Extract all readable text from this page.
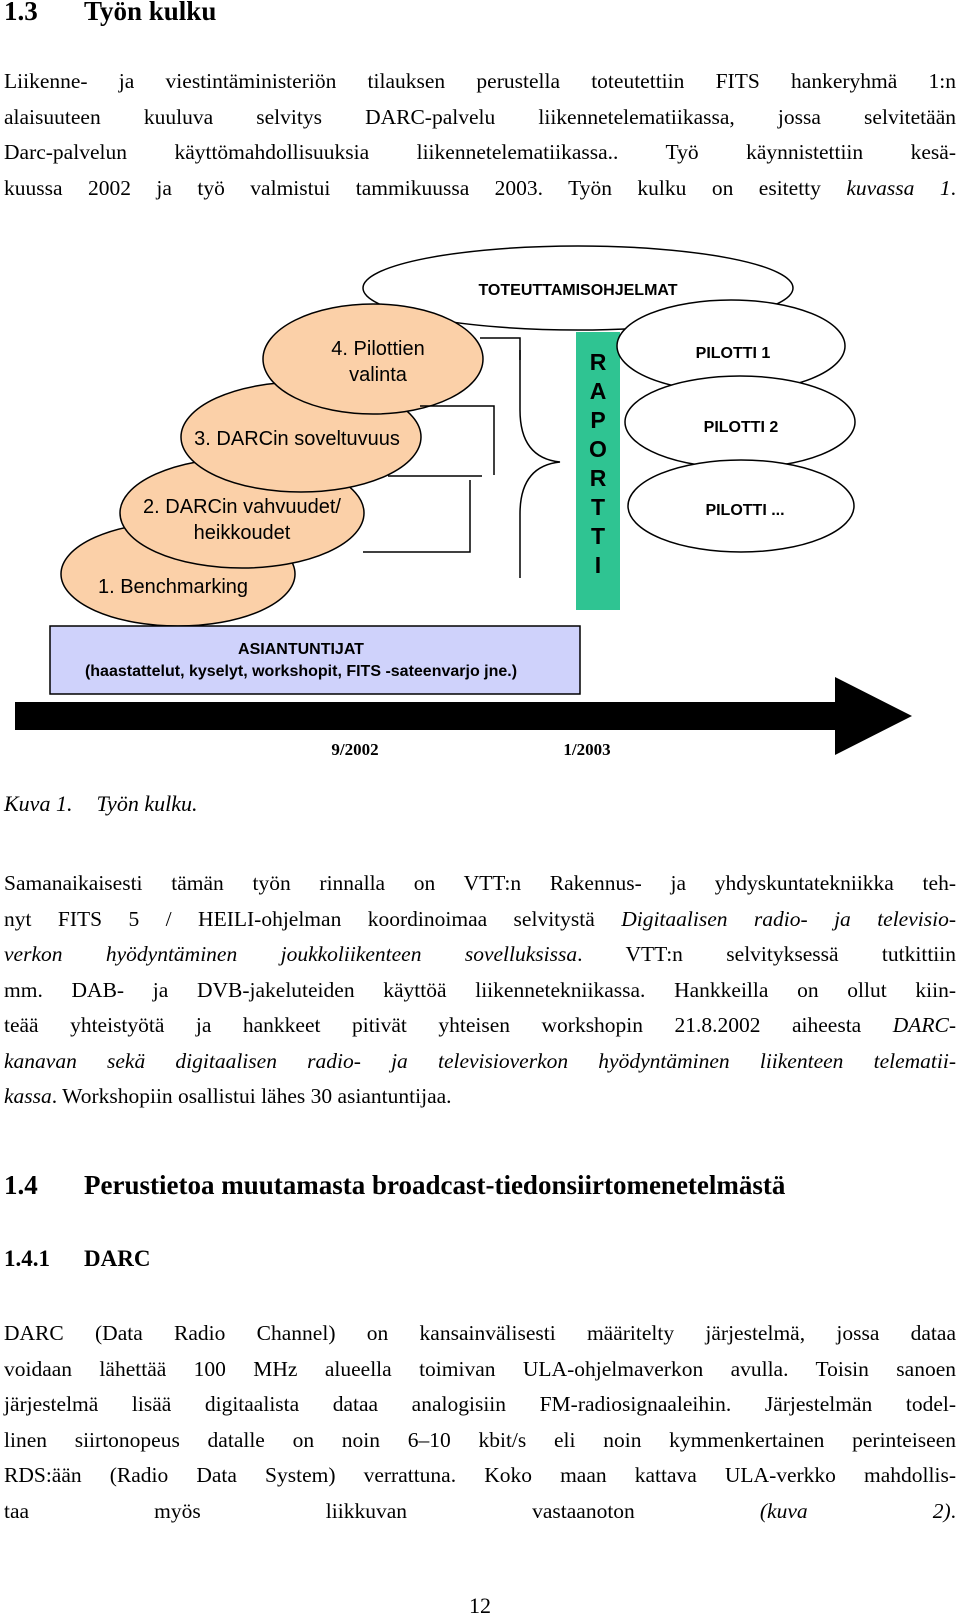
1.3 Työn kulku

Liikenne- ja viestintäministeriön tilauksen perustella toteutettiin FITS hankeryhmä 1:n
alaisuuteen kuuluva selvitys DARC-palvelu liikennetelematiikassa, jossa selvitetään
Darc-palvelun käyttömahdollisuuksia liikennetelematiikassa.. Työ käynnistettiin kesä-
kuussa 2002 ja työ valmistui tammikuussa 2003. Työn kulku on esitetty kuvassa 1.

TOTEUTTAMISOHJELMAT
4. Pilottien
valinta
3. DARCin soveltuvuus
2. DARCin vahvuudet/
heikkoudet
1. Benchmarking
R
A
P
O
R
T
T
I
PILOTTI 1
PILOTTI 2
PILOTTI ...
ASIANTUNTIJAT
(haastattelut, kyselyt, workshopit, FITS -sateenvarjo jne.)
9/2002	1/2003
Kuva 1. Työn kulku.

Samanaikaisesti tämän työn rinnalla on VTT:n Rakennus- ja yhdyskuntatekniikka teh-
nyt FITS 5 / HEILI-ohjelman koordinoimaa selvitystä Digitaalisen radio- ja televisio-
verkon hyödyntäminen joukkoliikenteen sovelluksissa. VTT:n selvityksessä tutkittiin
mm. DAB- ja DVB-jakeluteiden käyttöä liikennetekniikassa. Hankkeilla on ollut kiin-
teää yhteistyötä ja hankkeet pitivät yhteisen workshopin 21.8.2002 aiheesta DARC-
kanavan sekä digitaalisen radio- ja televisioverkon hyödyntäminen liikenteen telematii-
kassa. Workshopiin osallistui lähes 30 asiantuntijaa.

1.4 Perustietoa muutamasta broadcast-tiedonsiirtomenetelmästä
1.4.1 DARC

DARC (Data Radio Channel) on kansainvälisesti määritelty järjestelmä, jossa dataa
voidaan lähettää 100 MHz alueella toimivan ULA-ohjelmaverkon avulla. Toisin sanoen
järjestelmä lisää digitaalista dataa analogisiin FM-radiosignaaleihin. Järjestelmän todel-
linen siirtonopeus datalle on noin 6–10 kbit/s eli noin kymmenkertainen perinteiseen
RDS:ään (Radio Data System) verrattuna. Koko maan kattava ULA-verkko mahdollis-
taa myös liikkuvan vastaanoton (kuva 2).

12
